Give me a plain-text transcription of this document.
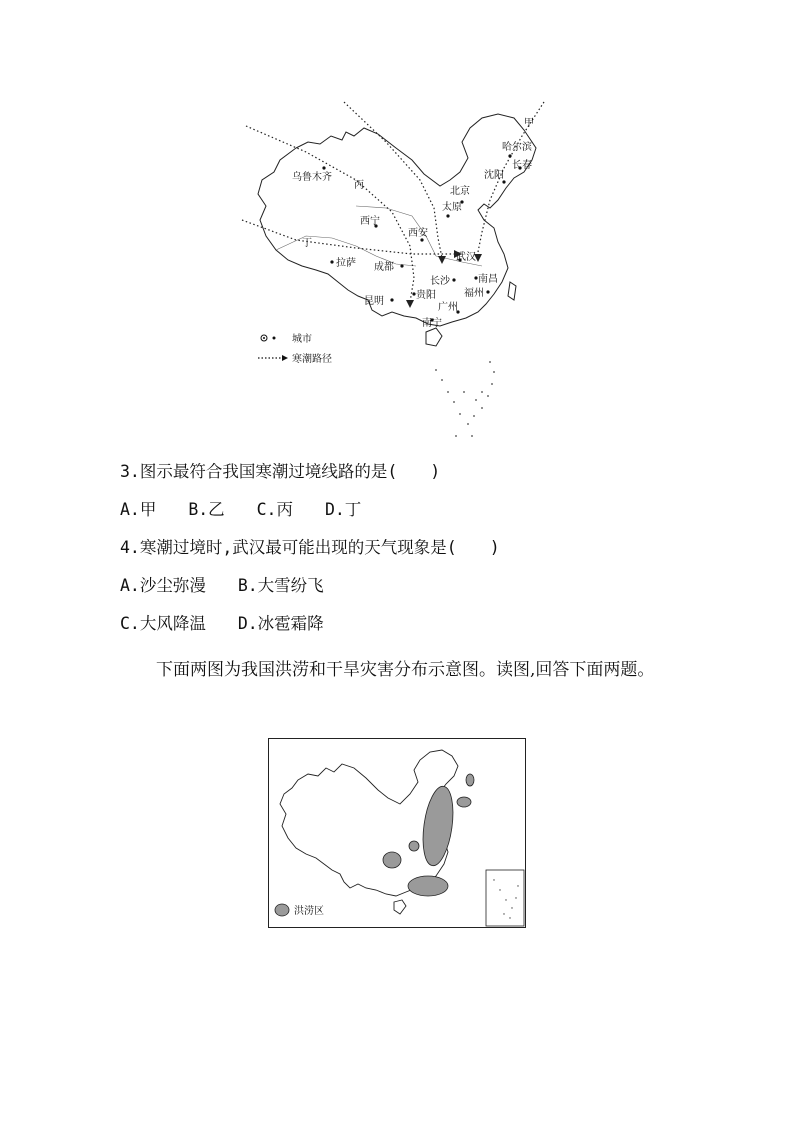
甲
丙
丁
哈尔滨
长春
沈阳
北京
太原
乌鲁木齐
西宁
西安
拉萨 成都
武汉
长沙	南昌
贵阳	福州
昆明
广州
南宁
城市
寒潮路径
3.图示最符合我国寒潮过境线路的是(　　)
A.甲 B.乙 C.丙 D.丁
4.寒潮过境时,武汉最可能出现的天气现象是(　　)
A.沙尘弥漫 B.大雪纷飞
C.大风降温 D.冰雹霜降
下面两图为我国洪涝和干旱灾害分布示意图。读图,回答下面两题。
洪涝区
